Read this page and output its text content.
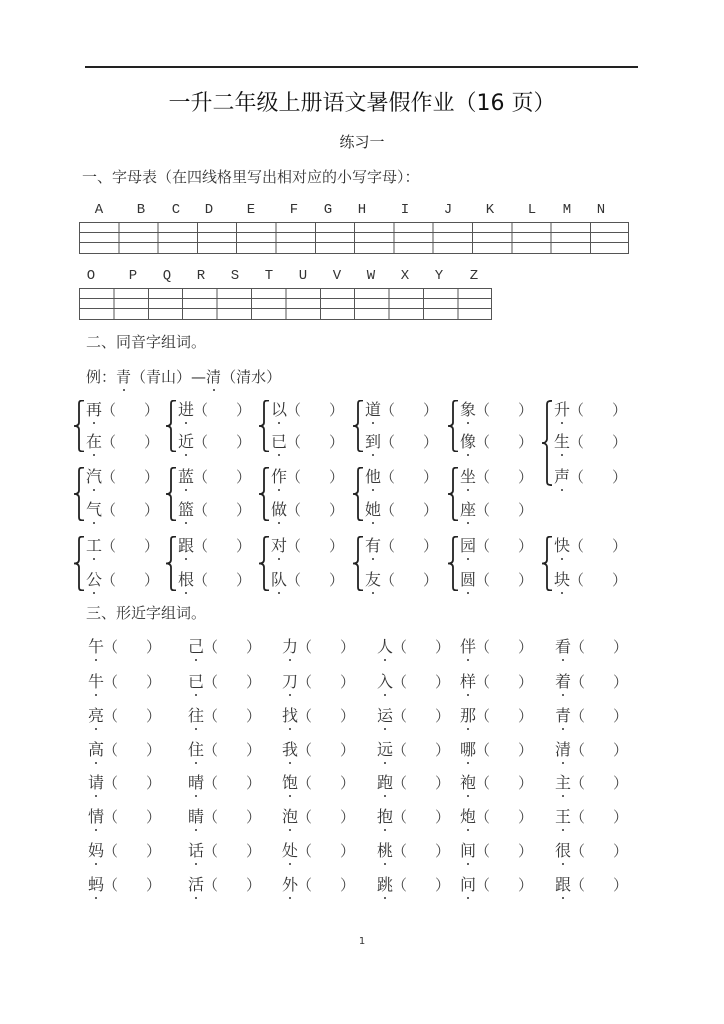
一升二年级上册语文暑假作业（16 页）
练习一
一、字母表（在四线格里写出相对应的小写字母）：
A B C D E F G H I J K L M N
O P Q R S T U V W X Y Z
二、同音字组词。
例：青（青山）—清（清水）
再
（ ）
在
（ ）
进
（ ）
近
（ ）
以
（ ）
已
（ ）
道
（ ）
到
（ ）
象
（ ）
像
（ ）
升
（ ）
生
（ ）
声
（ ）
汽
（ ）
气
（ ）
蓝
（ ）
篮
（ ）
作
（ ）
做
（ ）
他
（ ）
她
（ ）
坐
（ ）
座
（ ）
工
（ ）
公
（ ）
跟
（ ）
根
（ ）
对
（ ）
队
（ ）
有
（ ）
友
（ ）
园
（ ）
圆
（ ）
快
（ ）
块
（ ）
三、形近字组词。
午
（ ） 己
（ ） 力
（ ） 人
（ ） 伴
（ ） 看
（ ）
牛
（ ） 已
（ ） 刀
（ ） 入
（ ） 样
（ ） 着
（ ）
亮
（ ） 往
（ ） 找
（ ） 运
（ ） 那
（ ） 青
（ ）
高
（ ） 住
（ ） 我
（ ） 远
（ ） 哪
（ ） 清
（ ）
请
（ ） 晴
（ ） 饱
（ ） 跑
（ ） 袍
（ ） 主
（ ）
情
（ ） 睛
（ ） 泡
（ ） 抱
（ ） 炮
（ ） 王
（ ）
妈
（ ） 话
（ ） 处
（ ） 桃
（ ） 间
（ ） 很
（ ）
蚂
（ ） 活
（ ） 外
（ ） 跳
（ ） 问
（ ） 跟
（ ）
1
